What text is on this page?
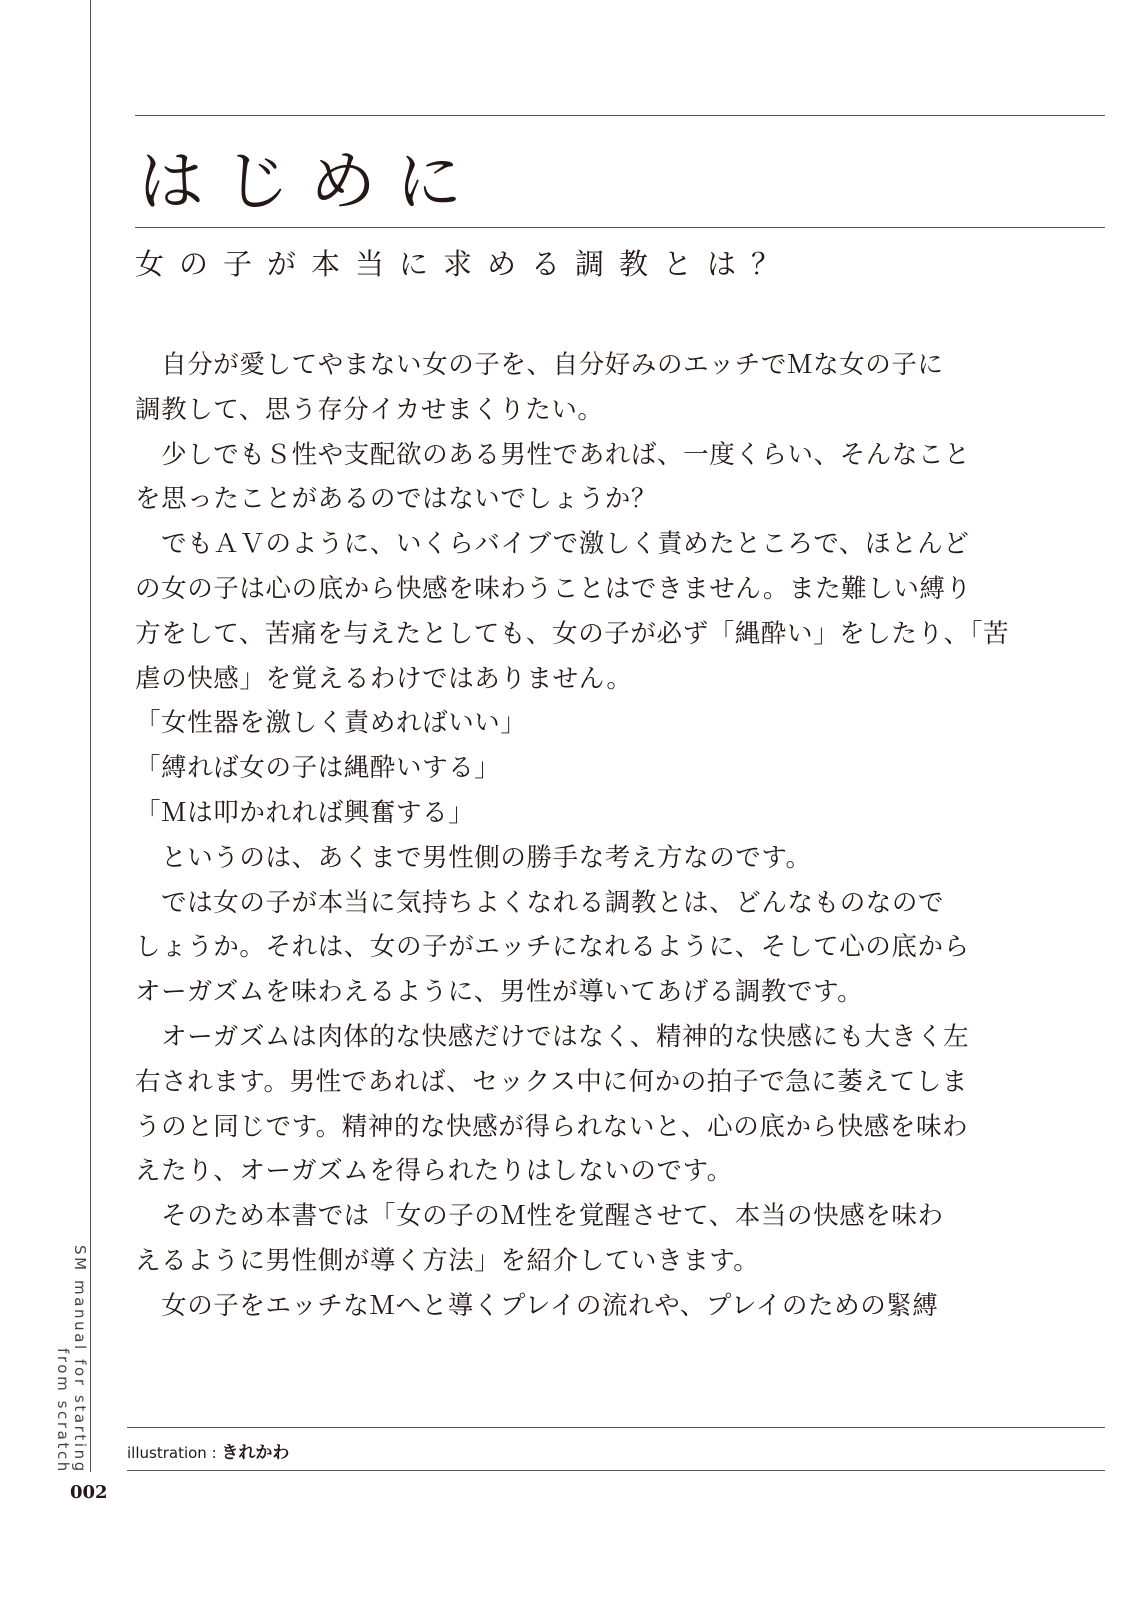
はじめに
女の子が本当に求める調教とは？
　自分が愛してやまない女の子を、自分好みのエッチでＭな女の子に
調教して、思う存分イカせまくりたい。
　少しでもＳ性や支配欲のある男性であれば、一度くらい、そんなこと
を思ったことがあるのではないでしょうか？
　でもＡＶのように、いくらバイブで激しく責めたところで、ほとんど
の女の子は心の底から快感を味わうことはできません。また難しい縛り
方をして、苦痛を与えたとしても、女の子が必ず「縄酔い」をしたり、「苦
虐の快感」を覚えるわけではありません。
「女性器を激しく責めればいい」
「縛れば女の子は縄酔いする」
「Ｍは叩かれれば興奮する」
　というのは、あくまで男性側の勝手な考え方なのです。
　では女の子が本当に気持ちよくなれる調教とは、どんなものなので
しょうか。それは、女の子がエッチになれるように、そして心の底から
オーガズムを味わえるように、男性が導いてあげる調教です。
　オーガズムは肉体的な快感だけではなく、精神的な快感にも大きく左
右されます。男性であれば、セックス中に何かの拍子で急に萎えてしま
うのと同じです。精神的な快感が得られないと、心の底から快感を味わ
えたり、オーガズムを得られたりはしないのです。
　そのため本書では「女の子のＭ性を覚醒させて、本当の快感を味わ
えるように男性側が導く方法」を紹介していきます。
　女の子をエッチなＭへと導くプレイの流れや、プレイのための緊縛
SM manual for starting
from scratch	illustration : きれかわ
002
